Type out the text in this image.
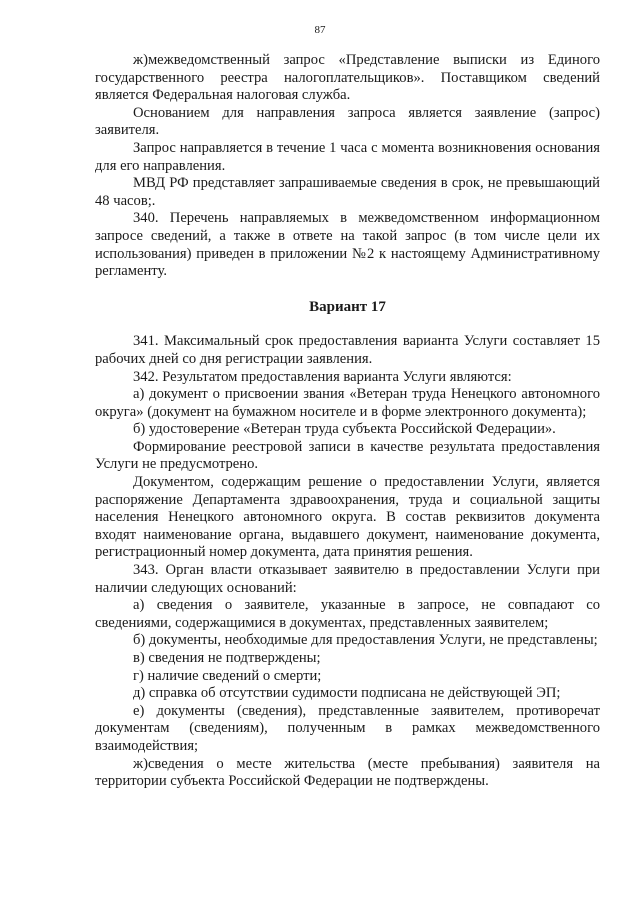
87

ж)межведомственный запрос «Представление выписки из Единого государственного реестра налогоплательщиков». Поставщиком сведений является Федеральная налоговая служба.

Основанием для направления запроса является заявление (запрос) заявителя.

Запрос направляется в течение 1 часа с момента возникновения основания для его направления.

МВД РФ представляет запрашиваемые сведения в срок, не превышающий 48 часов;.

340. Перечень направляемых в межведомственном информационном запросе сведений, а также в ответе на такой запрос (в том числе цели их использования) приведен в приложении №2 к настоящему Административному регламенту.

Вариант 17

341. Максимальный срок предоставления варианта Услуги составляет 15 рабочих дней со дня регистрации заявления.

342. Результатом предоставления варианта Услуги являются:

а) документ о присвоении звания «Ветеран труда Ненецкого автономного округа» (документ на бумажном носителе и в форме электронного документа);

б) удостоверение «Ветеран труда субъекта Российской Федерации».

Формирование реестровой записи в качестве результата предоставления Услуги не предусмотрено.

Документом, содержащим решение о предоставлении Услуги, является распоряжение Департамента здравоохранения, труда и социальной защиты населения Ненецкого автономного округа. В состав реквизитов документа входят наименование органа, выдавшего документ, наименование документа, регистрационный номер документа, дата принятия решения.

343. Орган власти отказывает заявителю в предоставлении Услуги при наличии следующих оснований:

а) сведения о заявителе, указанные в запросе, не совпадают со сведениями, содержащимися в документах, представленных заявителем;

б) документы, необходимые для предоставления Услуги, не представлены;

в) сведения не подтверждены;

г) наличие сведений о смерти;

д) справка об отсутствии судимости подписана не действующей ЭП;

е) документы (сведения), представленные заявителем, противоречат документам (сведениям), полученным в рамках межведомственного взаимодействия;

ж)сведения о месте жительства (месте пребывания) заявителя на территории субъекта Российской Федерации не подтверждены.
